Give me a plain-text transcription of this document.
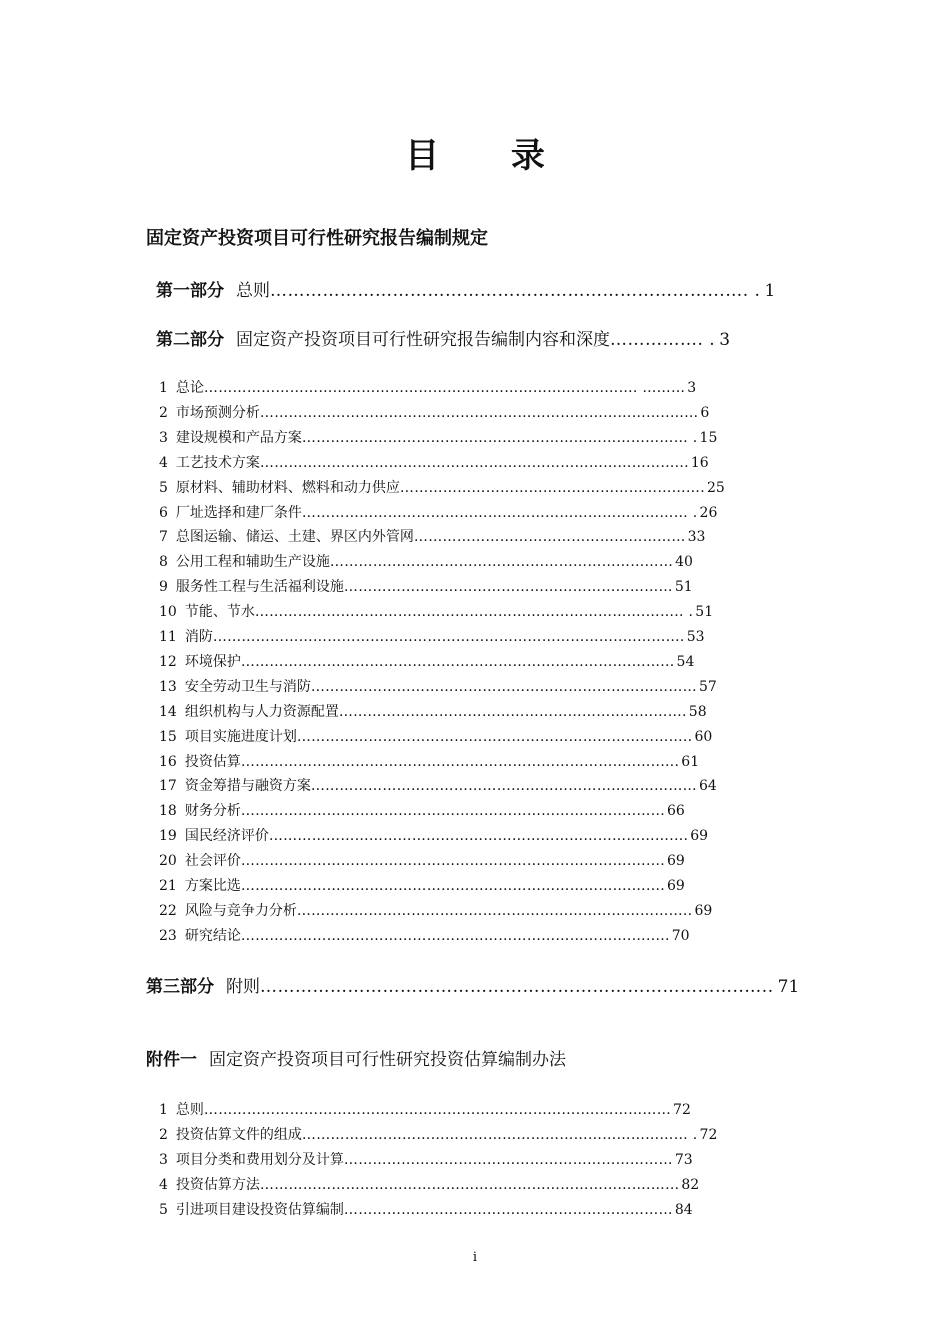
目 录
固定资产投资项目可行性研究报告编制规定
第一部分 总则 …………………………………………………………………...…. . 1
第二部分 固定资产投资项目可行性研究报告编制内容和深度 ……………. . 3
1 总论 ………………………………………………………………………...……. ……… 3
2 市场预测分析 …………………………………………………………………………..…… 6
3 建设规模和产品方案 ……………………………………………………………………… . 15
4 工艺技术方案 ……………………………………………………………………………... 16
5 原材料、辅助材料、燃料和动力供应 ………………………………………………………. 25
6 厂址选择和建厂条件 ……………………………………………………………………… . 26
7 总图运输、储运、土建、界区内外管网 ………………………………………………… 33
8 公用工程和辅助生产设施 ……………………………………………………………… 40
9 服务性工程与生活福利设施 …………………………………………………………… 51
10 节能、节水 ……………………………………………………………………….…….. . 51
11 消防 …………………………………………………………………………..…………. 53
12 环境保护 ……………………………………………………………………….……... 54
13 安全劳动卫生与消防 ……………………………………………………………………… 57
14 组织机构与人力资源配置 ………………………………………………………………. 58
15 项目实施进度计划 ……………………………………………………………………….. 60
16 投资估算 ………………………………………………………………………..…..…. 61
17 资金筹措与融资方案 ……………………………………………………………………… 64
18 财务分析 ………………………………………………………………………..…... 66
19 国民经济评价 ………………………………………………………………………….... 69
20 社会评价 ……………………………………………………………………….….... 69
21 方案比选 ……………………………………………………………………….….... 69
22 风险与竞争力分析 ……………………………………………………………………….. 69
23 研究结论 ……………………………………………………………………….…..... 70
第三部分 附则 ………………………………………………………………………..….. 71
附件一 固定资产投资项目可行性研究投资估算编制办法
1 总则 …………………………………………………………………….….…………… 72
2 投资估算文件的组成 ……………………………………………………………………… . 72
3 项目分类和费用划分及计算 …………………………………………………………… 73
4 投资估算方法 ……………………………………………………………………….…... 82
5 引进项目建设投资估算编制 …………………………………………………………… 84
i
